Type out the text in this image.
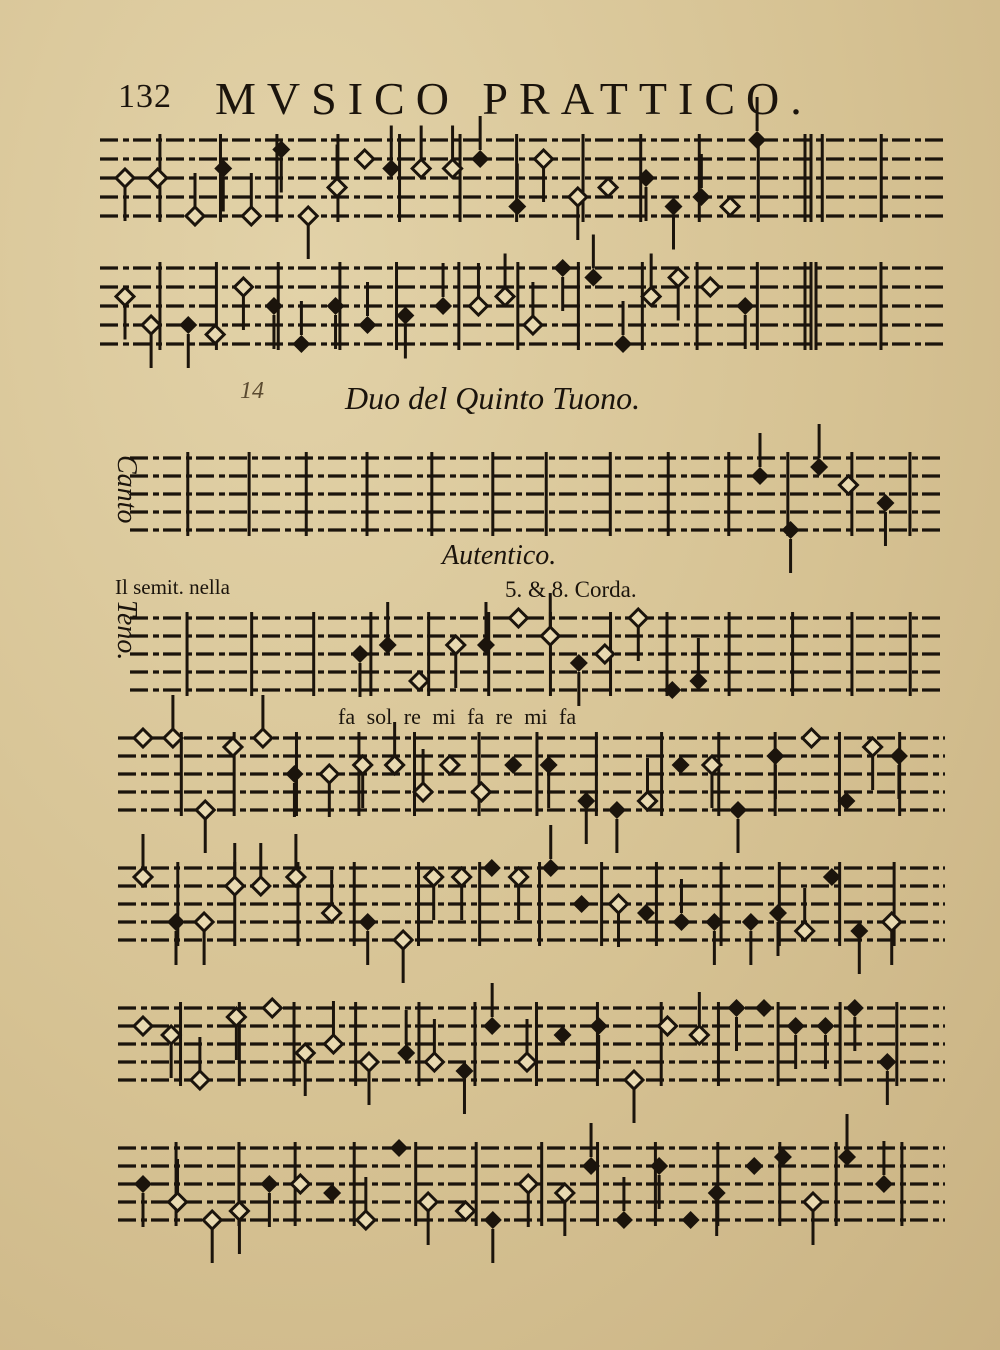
132 MVSICO PRATTICO.
14	Duo del Quinto Tuono.
Canto
Teno.
Autentico.
Il semit. nella	5. & 8. Corda.
fa sol re mi fa re mi fa
